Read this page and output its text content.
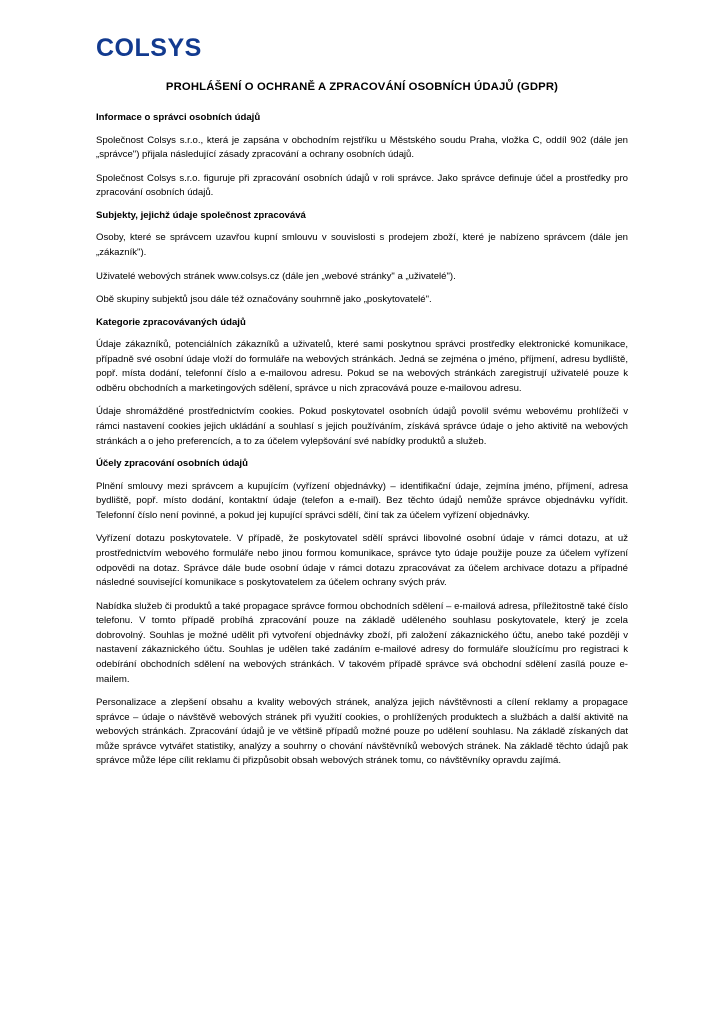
COLSYS
PROHLÁŠENÍ O OCHRANĚ A ZPRACOVÁNÍ OSOBNÍCH ÚDAJŮ (GDPR)
Informace o správci osobních údajů

Společnost Colsys s.r.o., která je zapsána v obchodním rejstříku u Městského soudu Praha, vložka C, oddíl 902 (dále jen „správce") přijala následující zásady zpracování a ochrany osobních údajů.

Společnost Colsys s.r.o. figuruje při zpracování osobních údajů v roli správce. Jako správce definuje účel a prostředky pro zpracování osobních údajů.

Subjekty, jejichž údaje společnost zpracovává

Osoby, které se správcem uzavřou kupní smlouvu v souvislosti s prodejem zboží, které je nabízeno správcem (dále jen „zákazník").

Uživatelé webových stránek www.colsys.cz (dále jen „webové stránky" a „uživatelé").

Obě skupiny subjektů jsou dále též označovány souhrnně jako „poskytovatelé".

Kategorie zpracovávaných údajů

Údaje zákazníků, potenciálních zákazníků a uživatelů, které sami poskytnou správci prostředky elektronické komunikace, případně své osobní údaje vloží do formuláře na webových stránkách. Jedná se zejména o jméno, příjmení, adresu bydliště, popř. místa dodání, telefonní číslo a e-mailovou adresu. Pokud se na webových stránkách zaregistrují uživatelé pouze k odběru obchodních a marketingových sdělení, správce u nich zpracovává pouze e-mailovou adresu.

Údaje shromážděné prostřednictvím cookies. Pokud poskytovatel osobních údajů povolil svému webovému prohlížeči v rámci nastavení cookies jejich ukládání a souhlasí s jejich používáním, získává správce údaje o jeho aktivitě na webových stránkách a o jeho preferencích, a to za účelem vylepšování své nabídky produktů a služeb.

Účely zpracování osobních údajů

Plnění smlouvy mezi správcem a kupujícím (vyřízení objednávky) – identifikační údaje, zejmína jméno, příjmení, adresa bydliště, popř. místo dodání, kontaktní údaje (telefon a e-mail). Bez těchto údajů nemůže správce objednávku vyřídit. Telefonní číslo není povinné, a pokud jej kupující správci sdělí, činí tak za účelem vyřízení objednávky.

Vyřízení dotazu poskytovatele. V případě, že poskytovatel sdělí správci libovolné osobní údaje v rámci dotazu, at už prostřednictvím webového formuláře nebo jinou formou komunikace, správce tyto údaje použije pouze za účelem vyřízení odpovědi na dotaz. Správce dále bude osobní údaje v rámci dotazu zpracovávat za účelem archivace dotazu a případné následné související komunikace s poskytovatelem za účelem ochrany svých práv.

Nabídka služeb či produktů a také propagace správce formou obchodních sdělení – e-mailová adresa, příležitostně také číslo telefonu. V tomto případě probíhá zpracování pouze na základě uděleného souhlasu poskytovatele, který je zcela dobrovolný. Souhlas je možné udělit při vytvoření objednávky zboží, při založení zákaznického účtu, anebo také později v nastavení zákaznického účtu. Souhlas je udělen také zadáním e-mailové adresy do formuláře sloužícímu pro registraci k odebírání obchodních sdělení na webových stránkách. V takovém případě správce svá obchodní sdělení zasílá pouze e-mailem.

Personalizace a zlepšení obsahu a kvality webových stránek, analýza jejich návštěvnosti a cílení reklamy a propagace správce – údaje o návštěvě webových stránek při využití cookies, o prohlížených produktech a službách a další aktivitě na webových stránkách. Zpracování údajů je ve většině případů možné pouze po udělení souhlasu. Na základě získaných dat může správce vytvářet statistiky, analýzy a souhrny o chování návštěvníků webových stránek. Na základě těchto údajů pak správce může lépe cílit reklamu či přizpůsobit obsah webových stránek tomu, co návštěvníky opravdu zajímá.
